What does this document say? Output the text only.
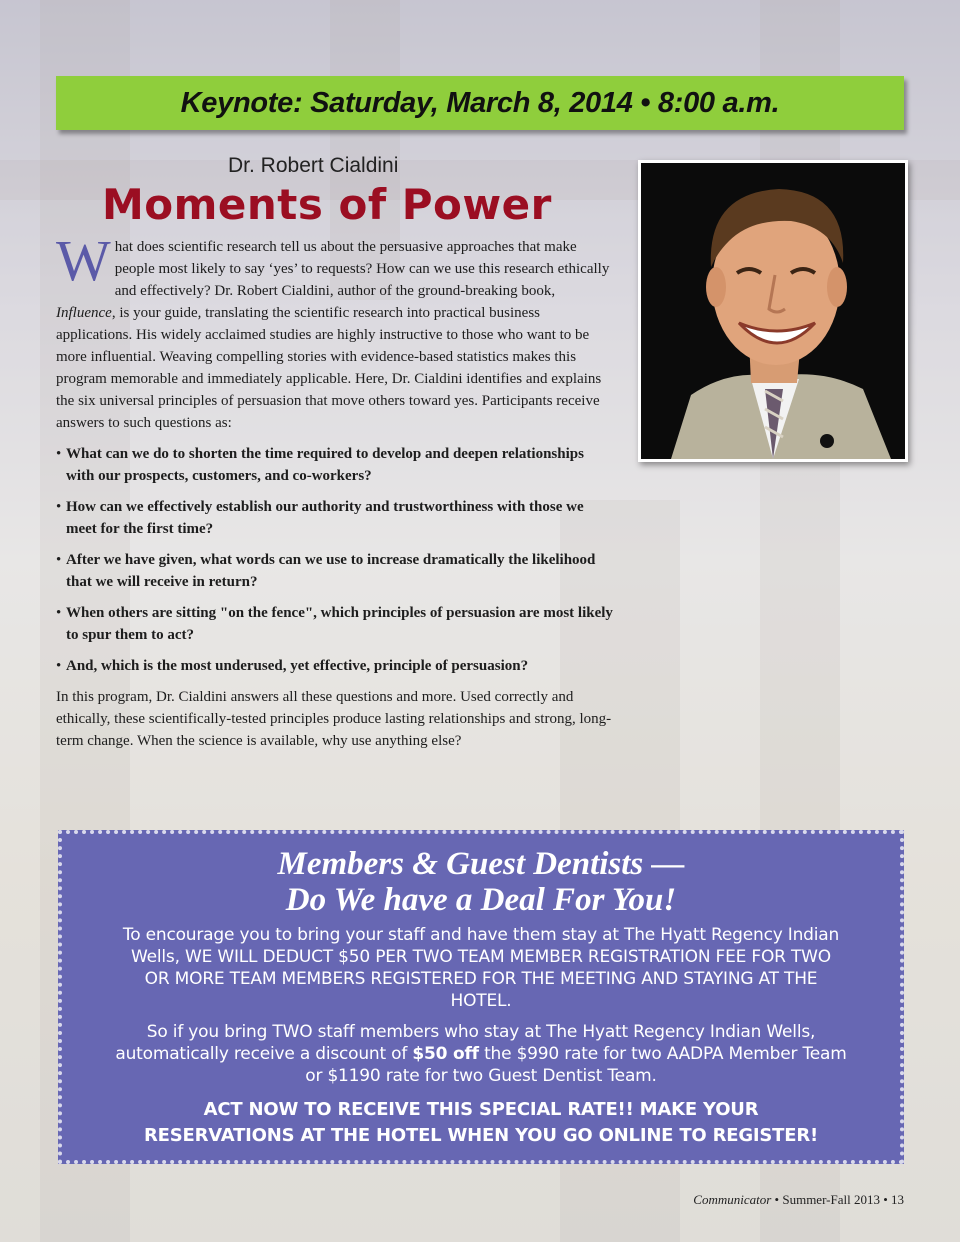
Keynote: Saturday, March 8, 2014 • 8:00 a.m.
Dr. Robert Cialdini
Moments of Power

What does scientific research tell us about the persuasive approaches that make people most likely to say ‘yes’ to requests? How can we use this research ethically and effectively? Dr. Robert Cialdini, author of the ground-breaking book, Influence, is your guide, translating the scientific research into practical business applications. His widely acclaimed studies are highly instructive to those who want to be more influential. Weaving compelling stories with evidence-based statistics makes this program memorable and immediately applicable. Here, Dr. Cialdini identifies and explains the six universal principles of persuasion that move others toward yes. Participants receive answers to such questions as:

• What can we do to shorten the time required to develop and deepen relationships with our prospects, customers, and co-workers?
• How can we effectively establish our authority and trustworthiness with those we meet for the first time?
• After we have given, what words can we use to increase dramatically the likelihood that we will receive in return?
• When others are sitting "on the fence", which principles of persuasion are most likely to spur them to act?
• And, which is the most underused, yet effective, principle of persuasion?

In this program, Dr. Cialdini answers all these questions and more. Used correctly and ethically, these scientifically-tested principles produce lasting relationships and strong, long-term change. When the science is available, why use anything else?

Members & Guest Dentists —
Do We have a Deal For You!

To encourage you to bring your staff and have them stay at The Hyatt Regency Indian Wells, WE WILL DEDUCT $50 PER TWO TEAM MEMBER REGISTRATION FEE FOR TWO OR MORE TEAM MEMBERS REGISTERED FOR THE MEETING AND STAYING AT THE HOTEL.

So if you bring TWO staff members who stay at The Hyatt Regency Indian Wells, automatically receive a discount of $50 off the $990 rate for two AADPA Member Team or $1190 rate for two Guest Dentist Team.

ACT NOW TO RECEIVE THIS SPECIAL RATE!! MAKE YOUR RESERVATIONS AT THE HOTEL WHEN YOU GO ONLINE TO REGISTER!
Communicator • Summer-Fall 2013 • 13
